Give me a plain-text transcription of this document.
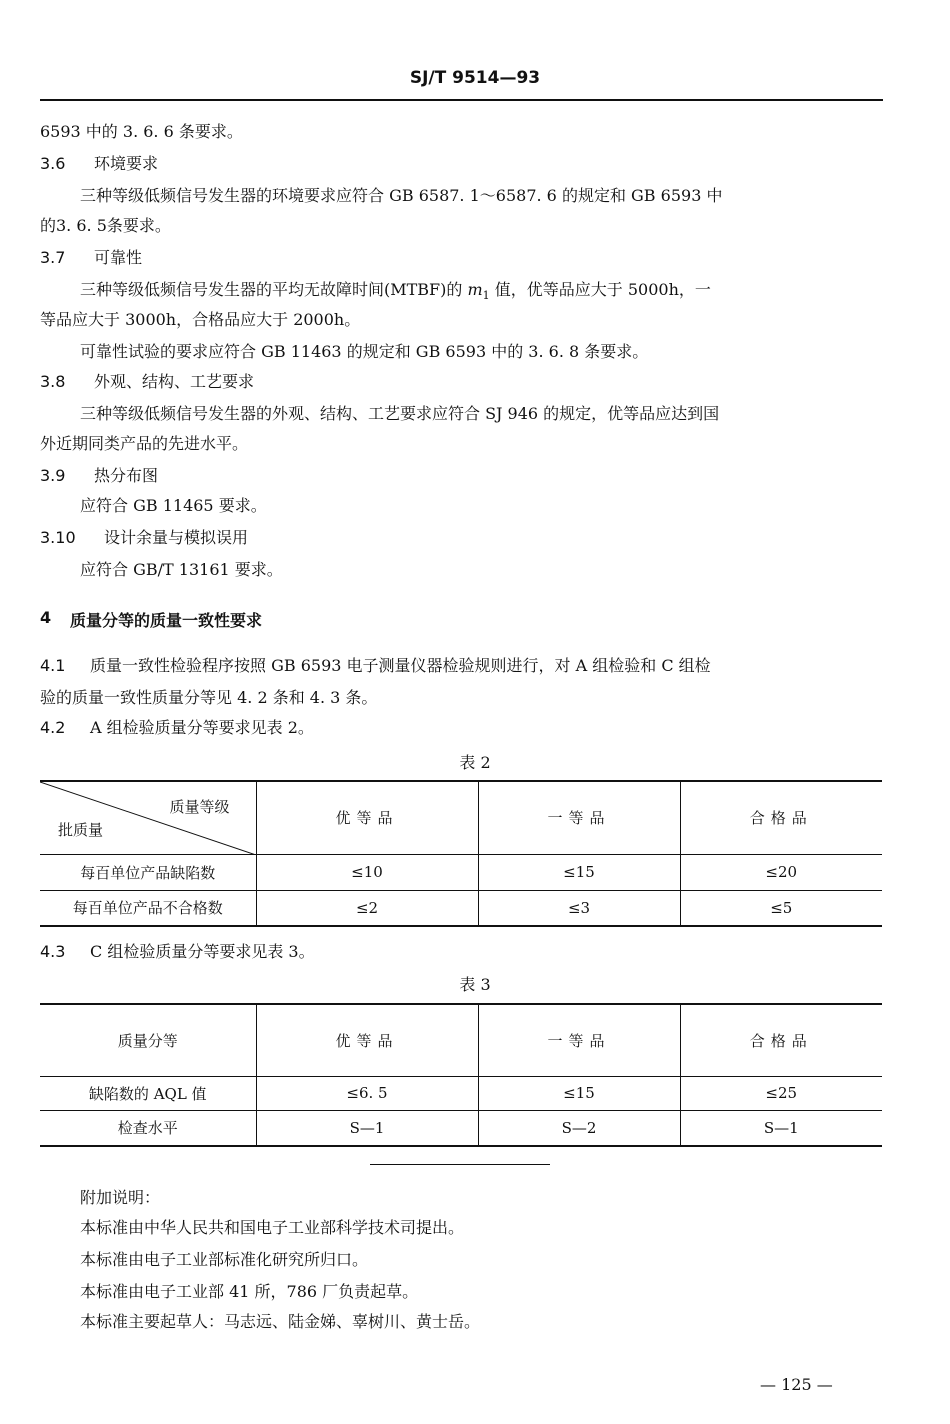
SJ/T 9514—93
6593 中的 3. 6. 6 条要求。
3.6 环境要求
三种等级低频信号发生器的环境要求应符合 GB 6587. 1～6587. 6 的规定和 GB 6593 中
的3. 6. 5条要求。
3.7 可靠性
三种等级低频信号发生器的平均无故障时间(MTBF)的 $m_1$ 值，优等品应大于 5000h，一
等品应大于 3000h，合格品应大于 2000h。
可靠性试验的要求应符合 GB 11463 的规定和 GB 6593 中的 3. 6. 8 条要求。
3.8 外观、结构、工艺要求
三种等级低频信号发生器的外观、结构、工艺要求应符合 SJ 946 的规定，优等品应达到国
外近期同类产品的先进水平。
3.9 热分布图
应符合 GB 11465 要求。
3.10 设计余量与模拟误用
应符合 GB/T 13161 要求。
4 质量分等的质量一致性要求
4.1 质量一致性检验程序按照 GB 6593 电子测量仪器检验规则进行，对 A 组检验和 C 组检
验的质量一致性质量分等见 4. 2 条和 4. 3 条。
4.2 A 组检验质量分等要求见表 2。
表 2
质量等级
批质量	优等品	一等品	合格品
每百单位产品缺陷数	≤10	≤15	≤20
每百单位产品不合格数	≤2	≤3	≤5
4.3 C 组检验质量分等要求见表 3。
表 3
质量分等	优等品	一等品	合格品
缺陷数的 AQL 值	≤6. 5	≤15	≤25
检查水平	S—1	S—2	S—1
附加说明：
本标准由中华人民共和国电子工业部科学技术司提出。
本标准由电子工业部标准化研究所归口。
本标准由电子工业部 41 所，786 厂负责起草。
本标准主要起草人：马志远、陆金娣、辜树川、黄士岳。
— 125 —
